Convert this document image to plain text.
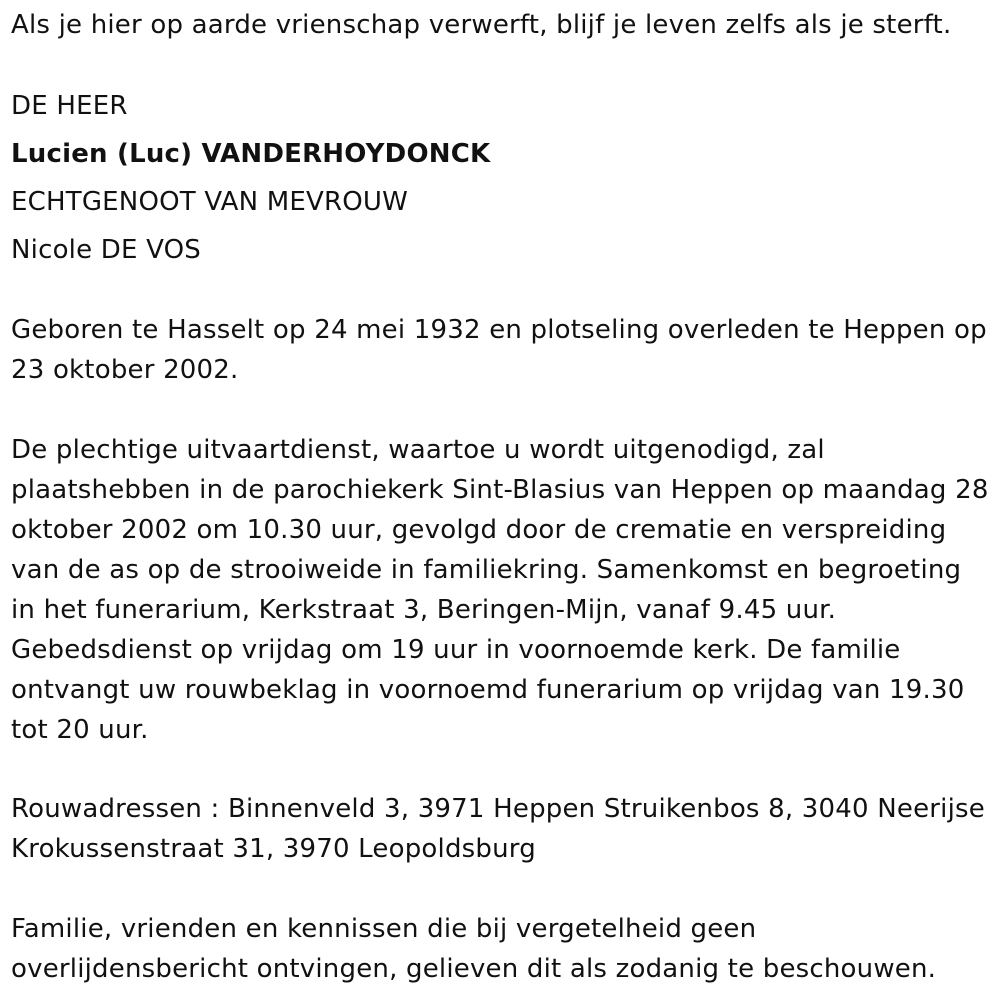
Als je hier op aarde vrienschap verwerft, blijf je leven zelfs als je sterft.
DE HEER
Lucien (Luc) VANDERHOYDONCK
ECHTGENOOT VAN MEVROUW
Nicole DE VOS
Geboren te Hasselt op 24 mei 1932 en plotseling overleden te Heppen op 23 oktober 2002.
De plechtige uitvaartdienst, waartoe u wordt uitgenodigd, zal plaatshebben in de parochiekerk Sint-Blasius van Heppen op maandag 28 oktober 2002 om 10.30 uur, gevolgd door de crematie en verspreiding van de as op de strooiweide in familiekring. Samenkomst en begroeting in het funerarium, Kerkstraat 3, Beringen-Mijn, vanaf 9.45 uur. Gebedsdienst op vrijdag om 19 uur in voornoemde kerk. De familie ontvangt uw rouwbeklag in voornoemd funerarium op vrijdag van 19.30 tot 20 uur.
Rouwadressen : Binnenveld 3, 3971 Heppen Struikenbos 8, 3040 Neerijse Krokussenstraat 31, 3970 Leopoldsburg
Familie, vrienden en kennissen die bij vergetelheid geen overlijdensbericht ontvingen, gelieven dit als zodanig te beschouwen.
